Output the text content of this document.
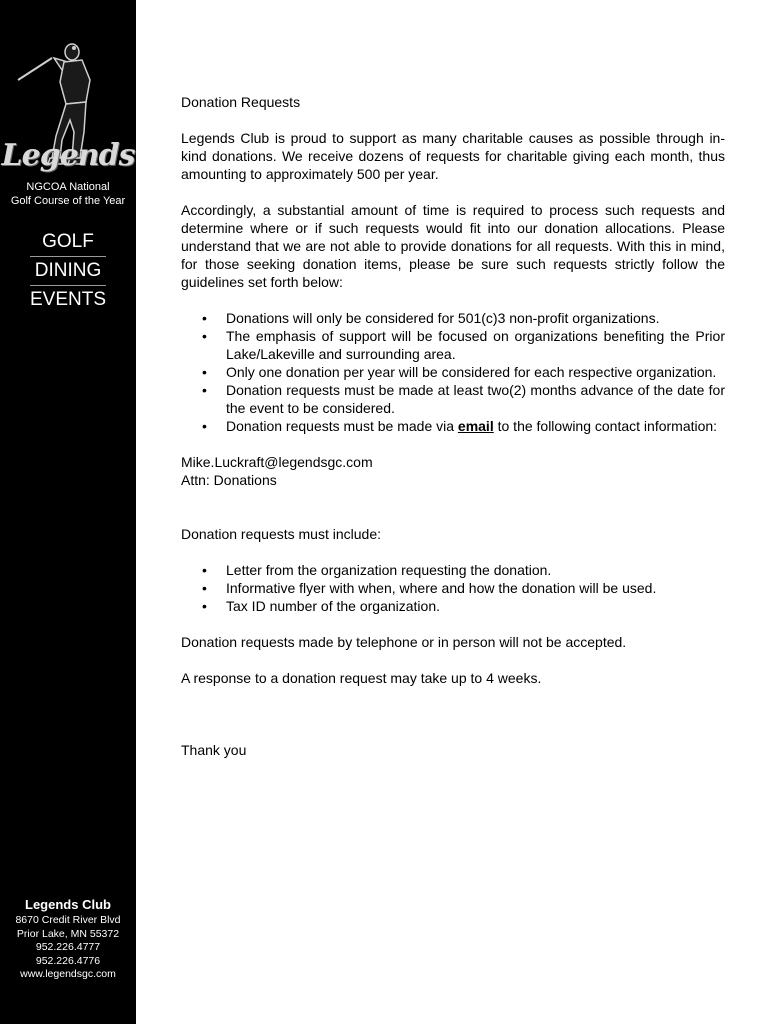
Legends
NGCOA National
Golf Course of the Year
GOLF
DINING
EVENTS
Legends Club
8670 Credit River Blvd
Prior Lake, MN 55372
952.226.4777
952.226.4776
www.legendsgc.com

Donation Requests

Legends Club is proud to support as many charitable causes as possible through in-kind donations. We receive dozens of requests for charitable giving each month, thus amounting to approximately 500 per year.

Accordingly, a substantial amount of time is required to process such requests and determine where or if such requests would fit into our donation allocations. Please understand that we are not able to provide donations for all requests. With this in mind, for those seeking donation items, please be sure such requests strictly follow the guidelines set forth below:

• Donations will only be considered for 501(c)3 non-profit organizations.
• The emphasis of support will be focused on organizations benefiting the Prior Lake/Lakeville and surrounding area.
• Only one donation per year will be considered for each respective organization.
• Donation requests must be made at least two(2) months advance of the date for the event to be considered.
• Donation requests must be made via email to the following contact information:

Mike.Luckraft@legendsgc.com

Attn: Donations

Donation requests must include:

• Letter from the organization requesting the donation.
• Informative flyer with when, where and how the donation will be used.
• Tax ID number of the organization.

Donation requests made by telephone or in person will not be accepted.

A response to a donation request may take up to 4 weeks.

Thank you
